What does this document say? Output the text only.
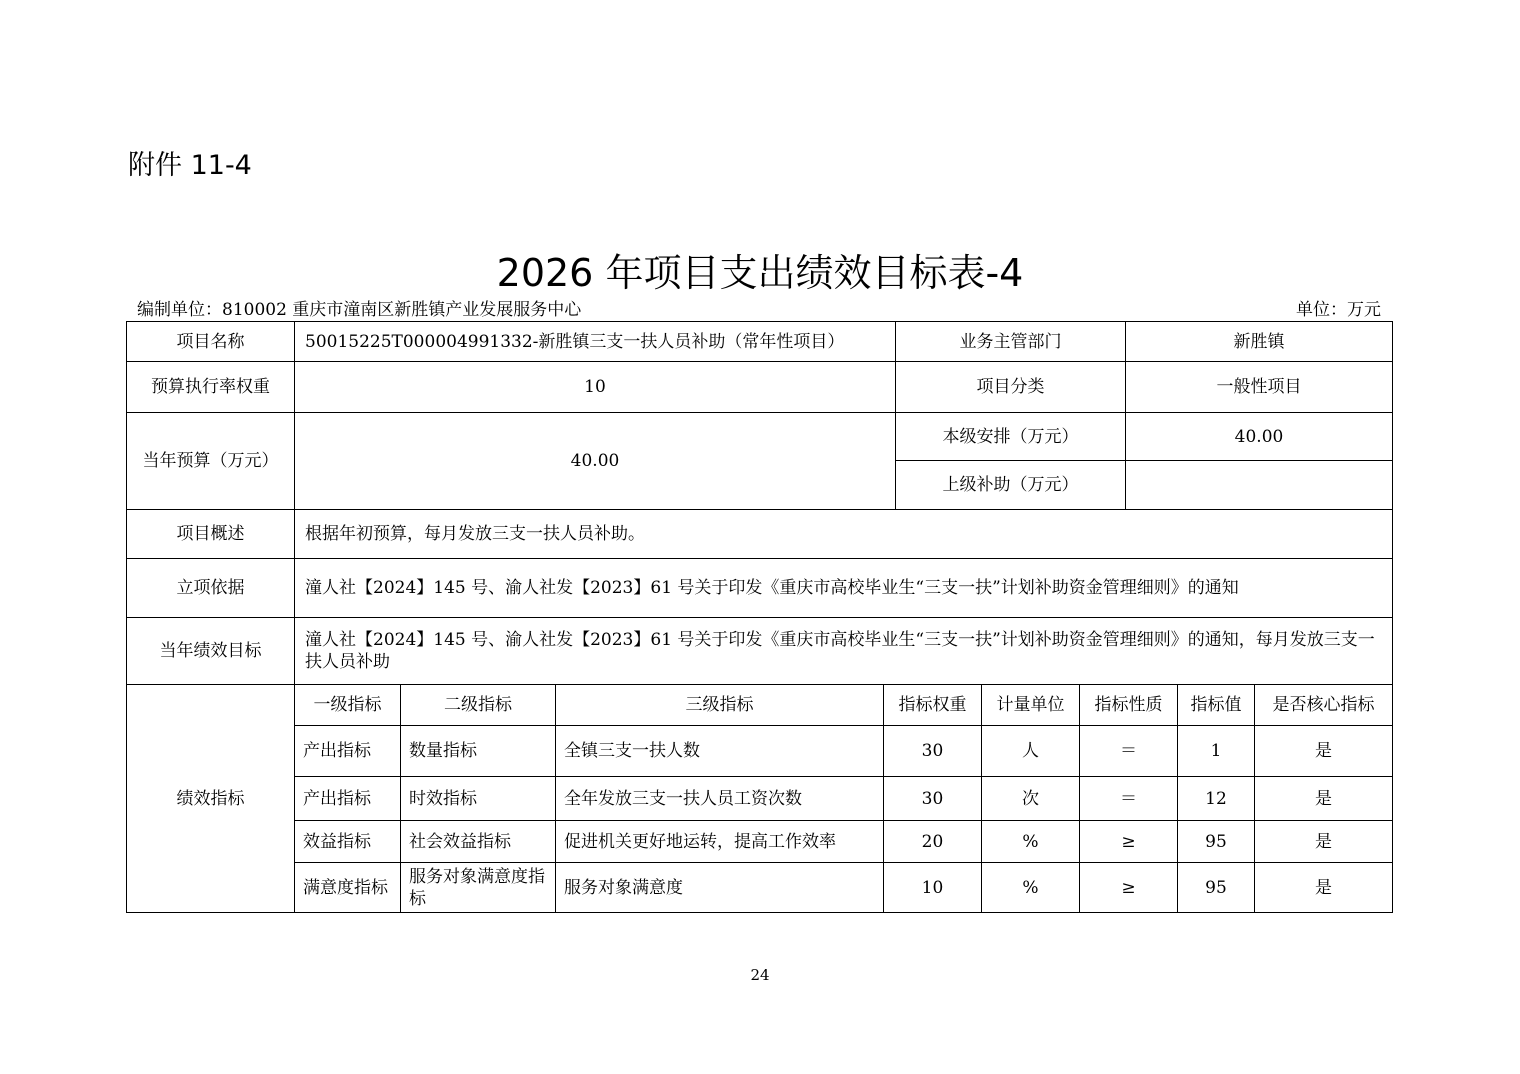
附件 11-4
2026 年项目支出绩效目标表-4
编制单位：810002 重庆市潼南区新胜镇产业发展服务中心	单位：万元
项目名称	50015225T000004991332-新胜镇三支一扶人员补助（常年性项目）	业务主管部门	新胜镇
预算执行率权重	10	项目分类	一般性项目
当年预算（万元）	40.00	本级安排（万元）	40.00
		上级补助（万元）	
项目概述	根据年初预算，每月发放三支一扶人员补助。		
立项依据	潼人社【2024】145 号、渝人社发【2023】61 号关于印发《重庆市高校毕业生“三支一扶”计划补助资金管理细则》的通知		
当年绩效目标	潼人社【2024】145 号、渝人社发【2023】61 号关于印发《重庆市高校毕业生“三支一扶”计划补助资金管理细则》的通知，每月发放三支一扶人员补助		
绩效指标	一级指标	二级指标	三级指标	指标权重	计量单位	指标性质	指标值	是否核心指标
	产出指标	数量指标	全镇三支一扶人数	30	人	＝	1	是
	产出指标	时效指标	全年发放三支一扶人员工资次数	30	次	＝	12	是
	效益指标	社会效益指标	促进机关更好地运转，提高工作效率	20	%	≥	95	是
	满意度指标	服务对象满意度指标	服务对象满意度	10	%	≥	95	是
24
